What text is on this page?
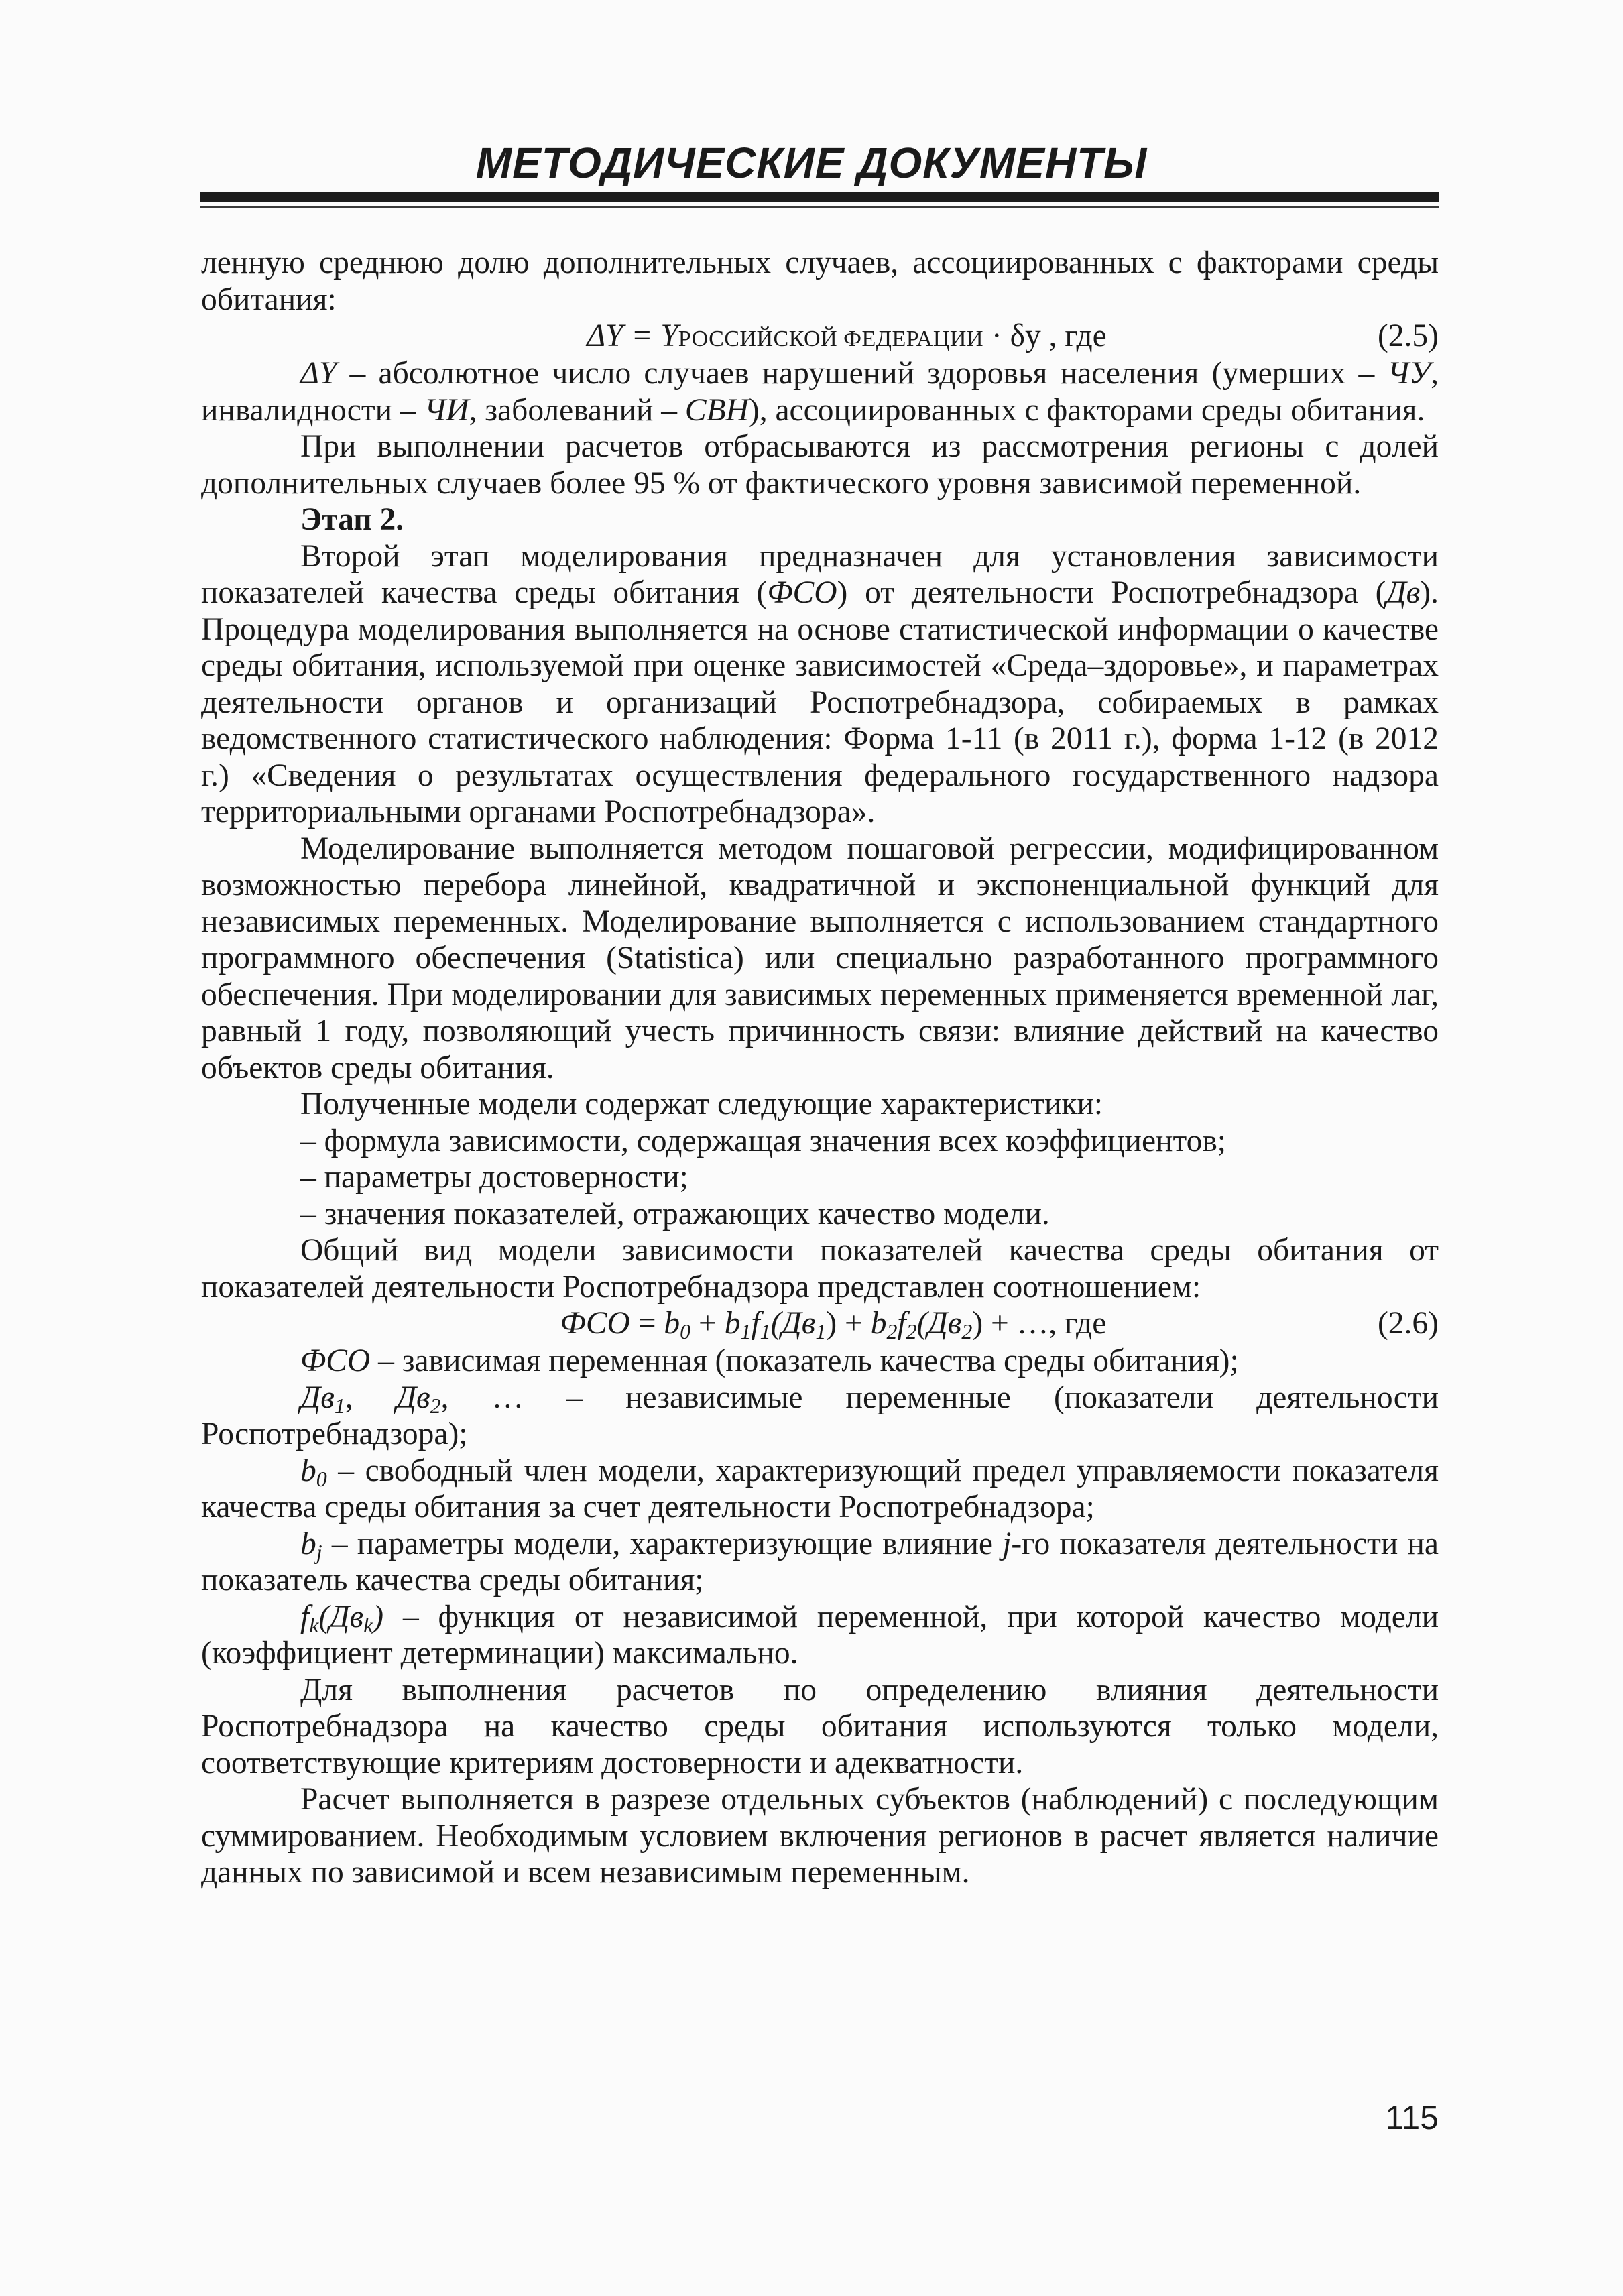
МЕТОДИЧЕСКИЕ ДОКУМЕНТЫ

ленную среднюю долю дополнительных случаев, ассоциированных с факторами среды обитания:

ΔY = YРОССИЙСКОЙ ФЕДЕРАЦИИ · δy , где	(2.5)

ΔY – абсолютное число случаев нарушений здоровья населения (умерших – ЧУ, инвалидности – ЧИ, заболеваний – СВН), ассоциированных с факторами среды обитания.

При выполнении расчетов отбрасываются из рассмотрения регионы с долей дополнительных случаев более 95 % от фактического уровня зависимой переменной.

Этап 2.

Второй этап моделирования предназначен для установления зависимости показателей качества среды обитания (ФСО) от деятельности Роспотребнадзора (Дв). Процедура моделирования выполняется на основе статистической информации о качестве среды обитания, используемой при оценке зависимостей «Среда–здоровье», и параметрах деятельности органов и организаций Роспотребнадзора, собираемых в рамках ведомственного статистического наблюдения: Форма 1-11 (в 2011 г.), форма 1-12 (в 2012 г.) «Сведения о результатах осуществления федерального государственного надзора территориальными органами Роспотребнадзора».

Моделирование выполняется методом пошаговой регрессии, модифицированном возможностью перебора линейной, квадратичной и экспоненциальной функций для независимых переменных. Моделирование выполняется с использованием стандартного программного обеспечения (Statistica) или специально разработанного программного обеспечения. При моделировании для зависимых переменных применяется временной лаг, равный 1 году, позволяющий учесть причинность связи: влияние действий на качество объектов среды обитания.

Полученные модели содержат следующие характеристики:

– формула зависимости, содержащая значения всех коэффициентов;

– параметры достоверности;

– значения показателей, отражающих качество модели.

Общий вид модели зависимости показателей качества среды обитания от показателей деятельности Роспотребнадзора представлен соотношением:

ФСО = $b_0 + b_1f_1(Дв_1) + b_2f_2(Дв_2)$ + …, где	(2.6)

ФСО – зависимая переменная (показатель качества среды обитания);

$Дв_1$, $Дв_2$, … – независимые переменные (показатели деятельности Роспотребнадзора);

$b_0$ – свободный член модели, характеризующий предел управляемости показателя качества среды обитания за счет деятельности Роспотребнадзора;

$b_j$ – параметры модели, характеризующие влияние j-го показателя деятельности на показатель качества среды обитания;

$f_k(Дв_k)$ – функция от независимой переменной, при которой качество модели (коэффициент детерминации) максимально.

Для выполнения расчетов по определению влияния деятельности Роспотребнадзора на качество среды обитания используются только модели, соответствующие критериям достоверности и адекватности.

Расчет выполняется в разрезе отдельных субъектов (наблюдений) с последующим суммированием. Необходимым условием включения регионов в расчет является наличие данных по зависимой и всем независимым переменным.

115
